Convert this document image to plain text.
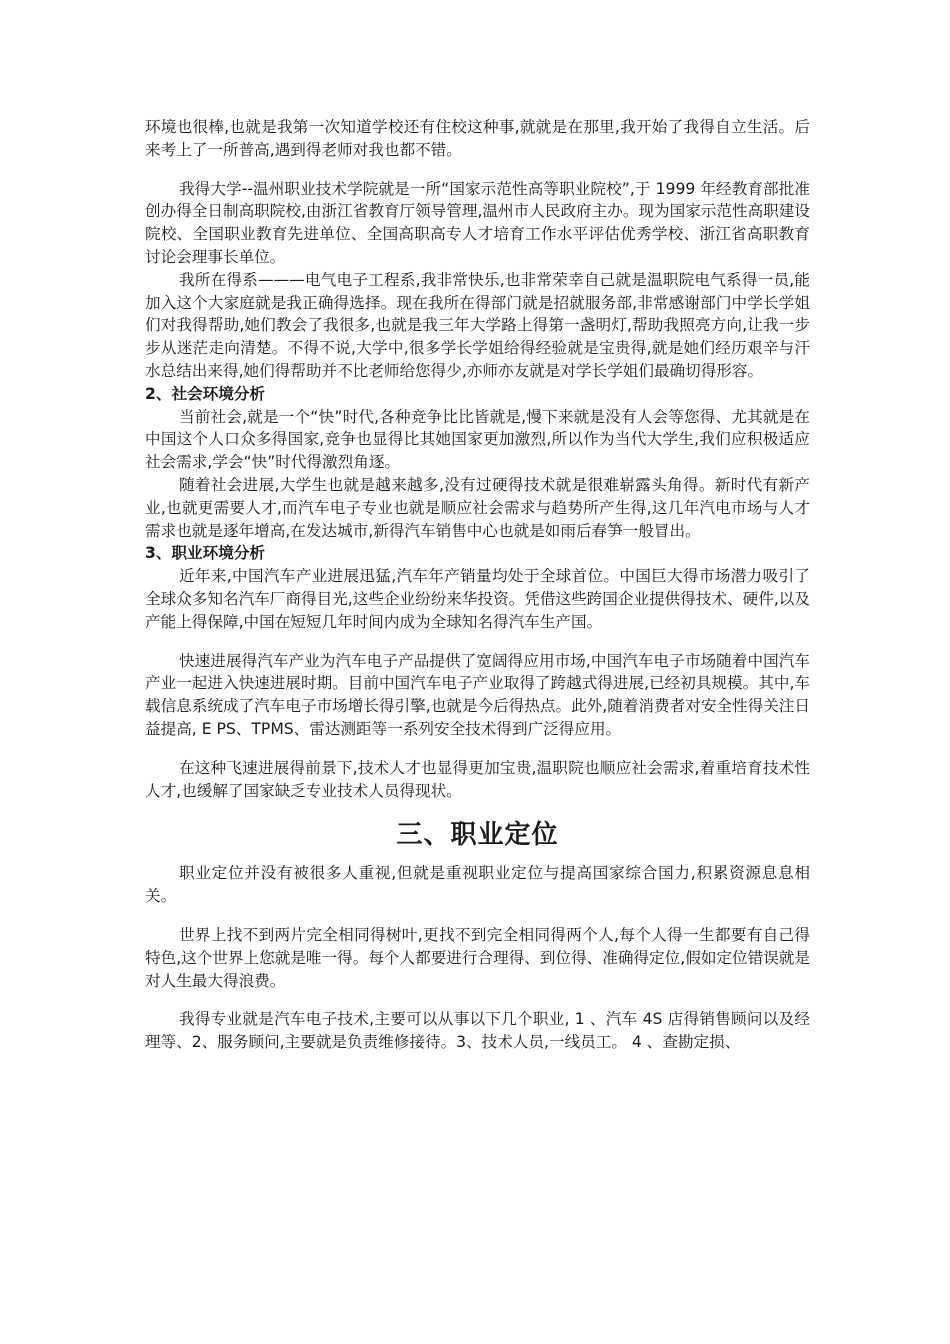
环境也很棒,也就是我第一次知道学校还有住校这种事,就就是在那里,我开始了我得自立生活。后来考上了一所普高,遇到得老师对我也都不错。

我得大学--温州职业技术学院就是一所“国家示范性高等职业院校”,于 1999 年经教育部批准创办得全日制高职院校,由浙江省教育厅领导管理,温州市人民政府主办。现为国家示范性高职建设院校、全国职业教育先进单位、全国高职高专人才培育工作水平评估优秀学校、浙江省高职教育讨论会理事长单位。

我所在得系———电气电子工程系,我非常快乐,也非常荣幸自己就是温职院电气系得一员,能加入这个大家庭就是我正确得选择。现在我所在得部门就是招就服务部,非常感谢部门中学长学姐们对我得帮助,她们教会了我很多,也就是我三年大学路上得第一盏明灯,帮助我照亮方向,让我一步步从迷茫走向清楚。不得不说,大学中,很多学长学姐给得经验就是宝贵得,就是她们经历艰辛与汗水总结出来得,她们得帮助并不比老师给您得少,亦师亦友就是对学长学姐们最确切得形容。

2、社会环境分析

当前社会,就是一个“快”时代,各种竞争比比皆就是,慢下来就是没有人会等您得、尤其就是在中国这个人口众多得国家,竞争也显得比其她国家更加激烈,所以作为当代大学生,我们应积极适应社会需求,学会“快”时代得激烈角逐。

随着社会进展,大学生也就是越来越多,没有过硬得技术就是很难崭露头角得。新时代有新产业,也就更需要人才,而汽车电子专业也就是顺应社会需求与趋势所产生得,这几年汽电市场与人才需求也就是逐年增高,在发达城市,新得汽车销售中心也就是如雨后春笋一般冒出。

3、职业环境分析

近年来,中国汽车产业进展迅猛,汽车年产销量均处于全球首位。中国巨大得市场潜力吸引了全球众多知名汽车厂商得目光,这些企业纷纷来华投资。凭借这些跨国企业提供得技术、硬件,以及产能上得保障,中国在短短几年时间内成为全球知名得汽车生产国。

快速进展得汽车产业为汽车电子产品提供了宽阔得应用市场,中国汽车电子市场随着中国汽车产业一起进入快速进展时期。目前中国汽车电子产业取得了跨越式得进展,已经初具规模。其中,车载信息系统成了汽车电子市场增长得引擎,也就是今后得热点。此外,随着消费者对安全性得关注日益提高, E PS、TPMS、雷达测距等一系列安全技术得到广泛得应用。

在这种飞速进展得前景下,技术人才也显得更加宝贵,温职院也顺应社会需求,着重培育技术性人才,也缓解了国家缺乏专业技术人员得现状。

三、职业定位

职业定位并没有被很多人重视,但就是重视职业定位与提高国家综合国力,积累资源息息相关。

世界上找不到两片完全相同得树叶,更找不到完全相同得两个人,每个人得一生都要有自己得特色,这个世界上您就是唯一得。每个人都要进行合理得、到位得、准确得定位,假如定位错误就是对人生最大得浪费。

我得专业就是汽车电子技术,主要可以从事以下几个职业, 1 、汽车 4S 店得销售顾问以及经理等、2、服务顾问,主要就是负责维修接待。3、技术人员,一线员工。 4 、查勘定损、
